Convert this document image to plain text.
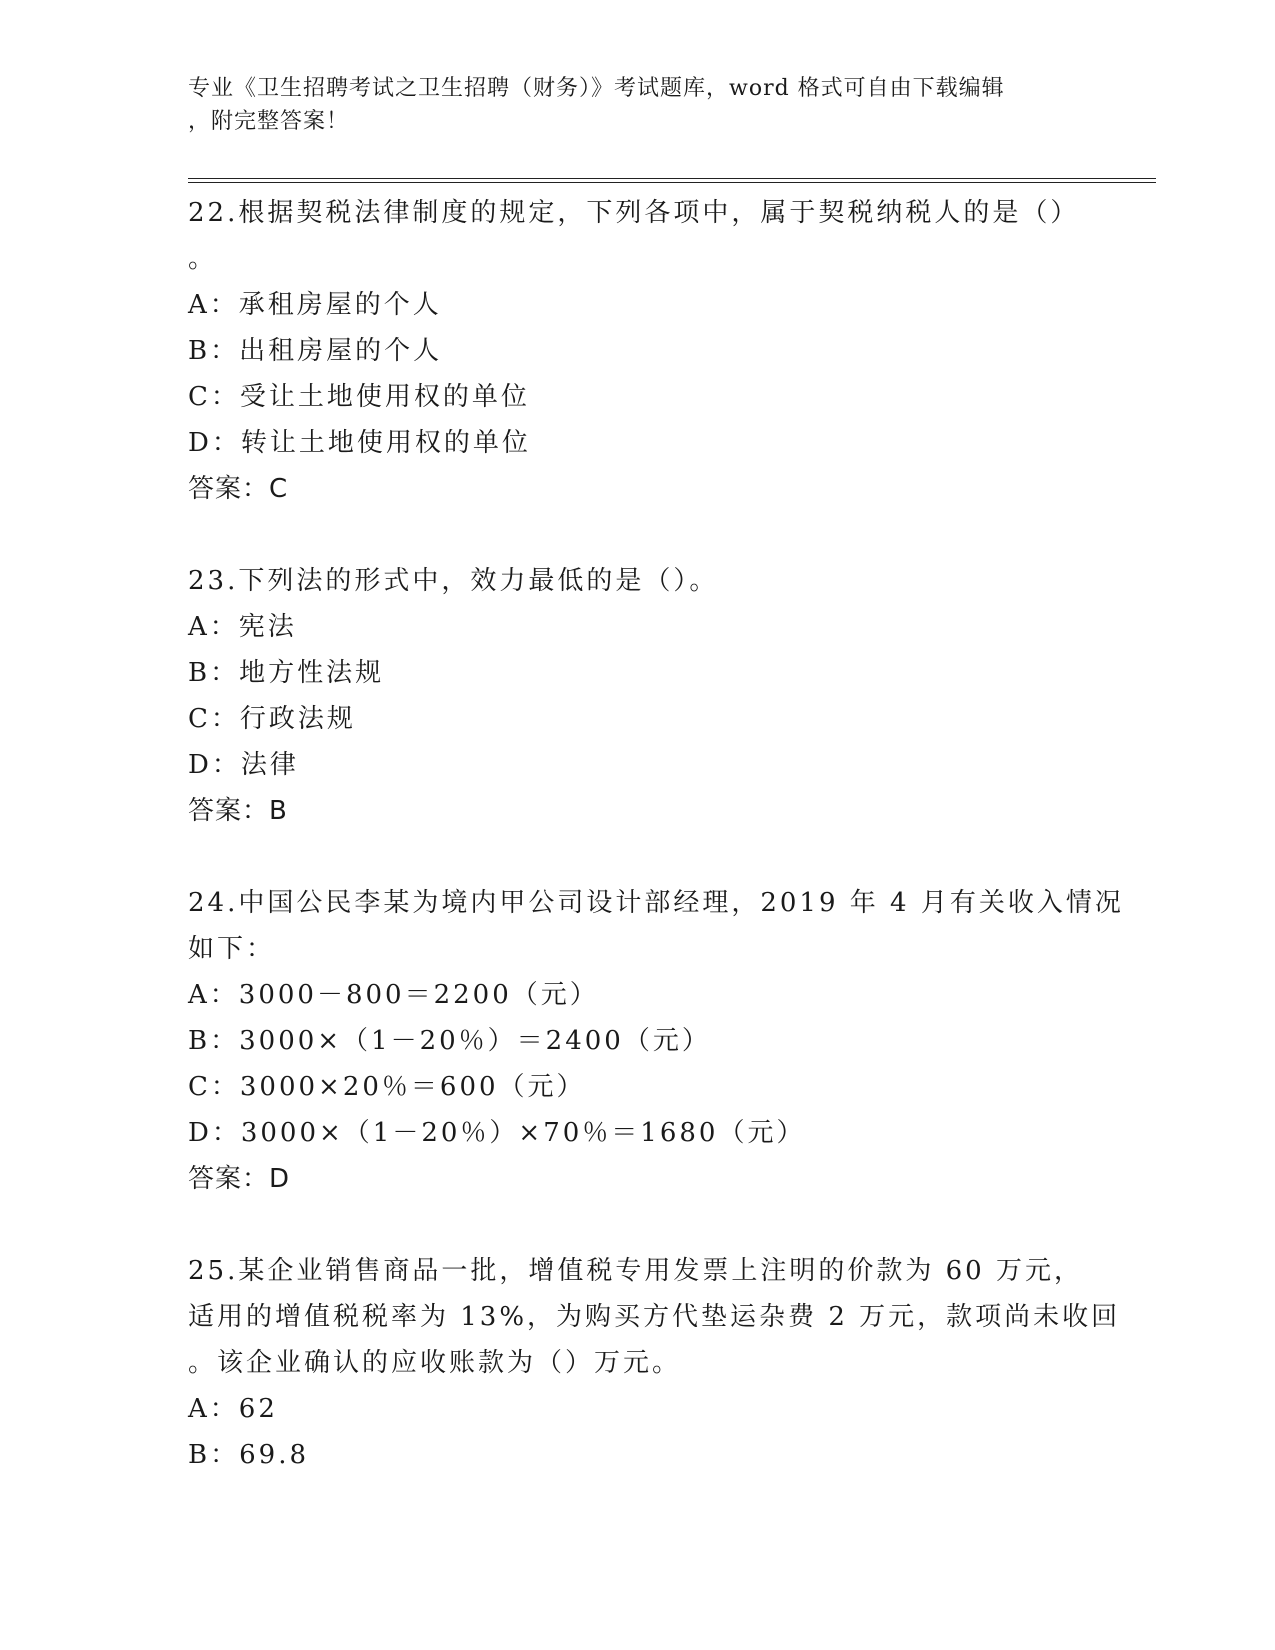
专业《卫生招聘考试之卫生招聘（财务）》考试题库，word 格式可自由下载编辑
，附完整答案！
22.根据契税法律制度的规定，下列各项中，属于契税纳税人的是（）
。
A：承租房屋的个人
B：出租房屋的个人
C：受让土地使用权的单位
D：转让土地使用权的单位
答案：C
23.下列法的形式中，效力最低的是（）。
A：宪法
B：地方性法规
C：行政法规
D：法律
答案：B
24.中国公民李某为境内甲公司设计部经理，2019 年 4 月有关收入情况
如下：
A：3000－800＝2200（元）
B：3000×（1－20％）＝2400（元）
C：3000×20％＝600（元）
D：3000×（1－20％）×70％＝1680（元）
答案：D
25.某企业销售商品一批，增值税专用发票上注明的价款为 60 万元，
适用的增值税税率为 13%，为购买方代垫运杂费 2 万元，款项尚未收回
。该企业确认的应收账款为（）万元。
A：62
B：69.8
